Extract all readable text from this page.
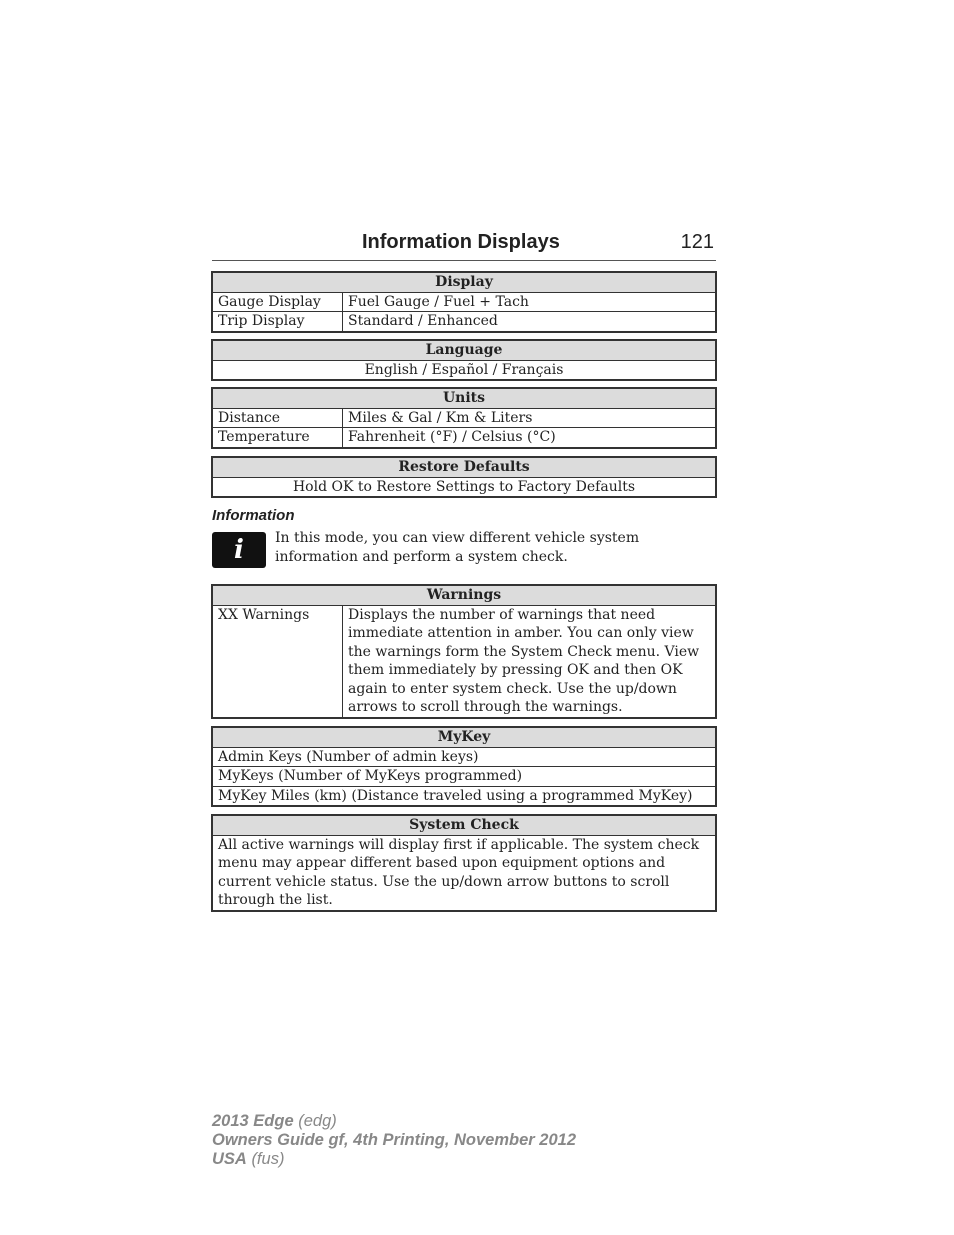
Information Displays	121
Display	
Gauge Display	Fuel Gauge / Fuel + Tach
Trip Display	Standard / Enhanced
Language
English / Español / Français
Units	
Distance	Miles & Gal / Km & Liters
Temperature	Fahrenheit (°F) / Celsius (°C)
Restore Defaults
Hold OK to Restore Settings to Factory Defaults
Information
i	In this mode, you can view different vehicle system information and perform a system check.
Warnings
XX Warnings	Displays the number of warnings that need immediate attention in amber. You can only view the warnings form the System Check menu. View them immediately by pressing OK and then OK again to enter system check. Use the up/down arrows to scroll through the warnings.
MyKey
Admin Keys (Number of admin keys)
MyKeys (Number of MyKeys programmed)
MyKey Miles (km) (Distance traveled using a programmed MyKey)
System Check
All active warnings will display first if applicable. The system check menu may appear different based upon equipment options and current vehicle status. Use the up/down arrow buttons to scroll through the list.
2013 Edge (edg)
Owners Guide gf, 4th Printing, November 2012
USA (fus)
